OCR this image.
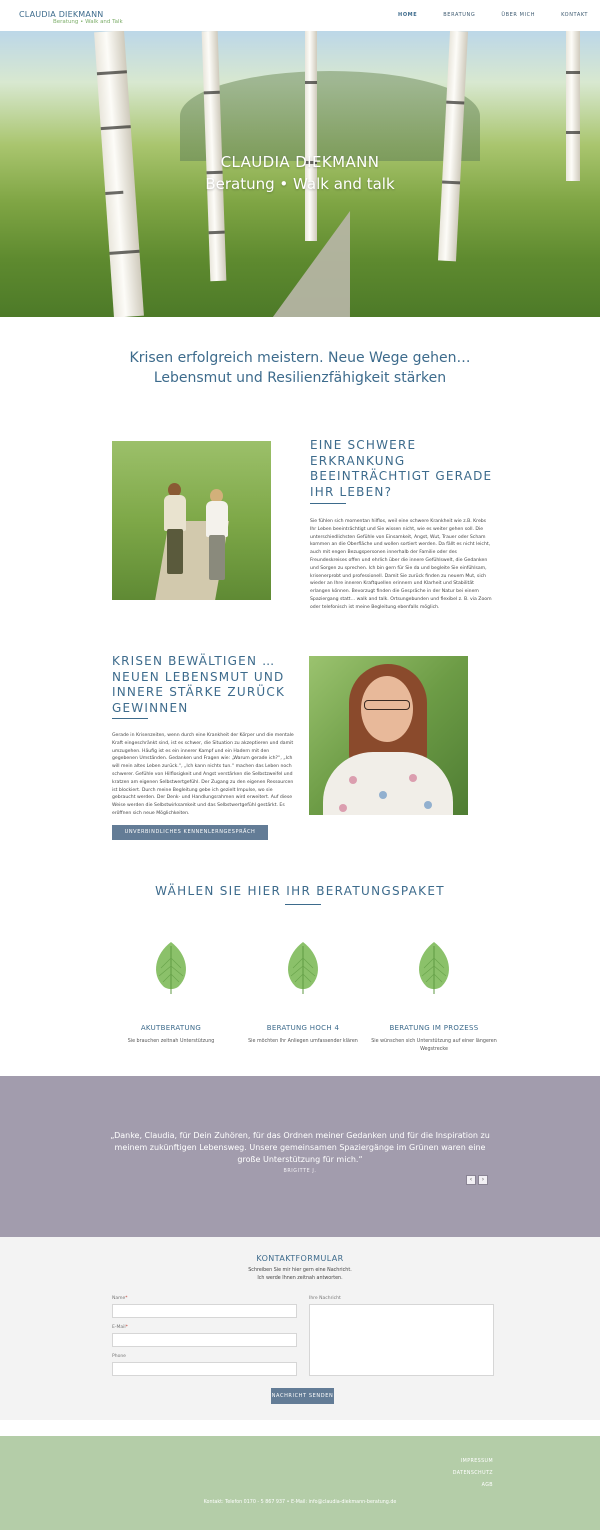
CLAUDIA DIEKMANN
Beratung • Walk and Talk
HOME	BERATUNG	ÜBER MICH	KONTAKT
CLAUDIA DIEKMANN
Beratung • Walk and talk
Krisen erfolgreich meistern. Neue Wege gehen…
Lebensmut und Resilienzfähigkeit stärken
EINE SCHWERE ERKRANKUNG BEEINTRÄCHTIGT GERADE IHR LEBEN?
Sie fühlen sich momentan hilflos, weil eine schwere Krankheit wie z.B. Krebs Ihr Leben beeinträchtigt und Sie wissen nicht, wie es weiter gehen soll. Die unterschiedlichsten Gefühle von Einsamkeit, Angst, Wut, Trauer oder Scham kommen an die Oberfläche und wollen sortiert werden. Da fällt es nicht leicht, auch mit engen Bezugspersonen innerhalb der Familie oder des Freundeskreises offen und ehrlich über die innere Gefühlswelt, die Gedanken und Sorgen zu sprechen. Ich bin gern für Sie da und begleite Sie einfühlsam, krisenerprobt und professionell. Damit Sie zurück finden zu neuem Mut, sich wieder an Ihre inneren Kraftquellen erinnern und Klarheit und Stabilität erlangen können. Bevorzugt finden die Gespräche in der Natur bei einem Spaziergang statt… walk and talk. Ortsungebunden und flexibel z. B. via Zoom oder telefonisch ist meine Begleitung ebenfalls möglich.
KRISEN BEWÄLTIGEN …NEUEN LEBENSMUT UND INNERE STÄRKE ZURÜCK GEWINNEN
Gerade in Krisenzeiten, wenn durch eine Krankheit der Körper und die mentale Kraft eingeschränkt sind, ist es schwer, die Situation zu akzeptieren und damit umzugehen. Häufig ist es ein innerer Kampf und ein Hadern mit den gegebenen Umständen. Gedanken und Fragen wie: „Warum gerade ich?“, „Ich will mein altes Leben zurück.“, „Ich kann nichts tun.“ machen das Leben noch schwerer. Gefühle von Hilflosigkeit und Angst verstärken die Selbstzweifel und kratzen am eigenen Selbstwertgefühl. Der Zugang zu den eigenen Ressourcen ist blockiert. Durch meine Begleitung gebe ich gezielt Impulse, wo sie gebraucht werden. Der Denk- und Handlungsrahmen wird erweitert. Auf diese Weise werden die Selbstwirksamkeit und das Selbstwertgefühl gestärkt. Es eröffnen sich neue Möglichkeiten.
UNVERBINDLICHES KENNENLERNGESPRÄCH VEREINBAREN
WÄHLEN SIE HIER IHR BERATUNGSPAKET
AKUTBERATUNG
Sie brauchen zeitnah Unterstützung
BERATUNG HOCH 4
Sie möchten Ihr Anliegen umfassender klären
BERATUNG IM PROZESS
Sie wünschen sich Unterstützung auf einer längeren Wegstrecke
„Danke, Claudia, für Dein Zuhören, für das Ordnen meiner Gedanken und für die Inspiration zu meinem zukünftigen Lebensweg. Unsere gemeinsamen Spaziergänge im Grünen waren eine große Unterstützung für mich.“
BRIGITTE J.
‹	›
KONTAKTFORMULAR
Schreiben Sie mir hier gern eine Nachricht.
Ich werde Ihnen zeitnah antworten.
Name*
E-Mail*
Phone
Ihre Nachricht
NACHRICHT SENDEN
IMPRESSUM
DATENSCHUTZ
AGB
Kontakt: Telefon 0170 - 5 867 937 • E-Mail: info@claudia-diekmann-beratung.de
